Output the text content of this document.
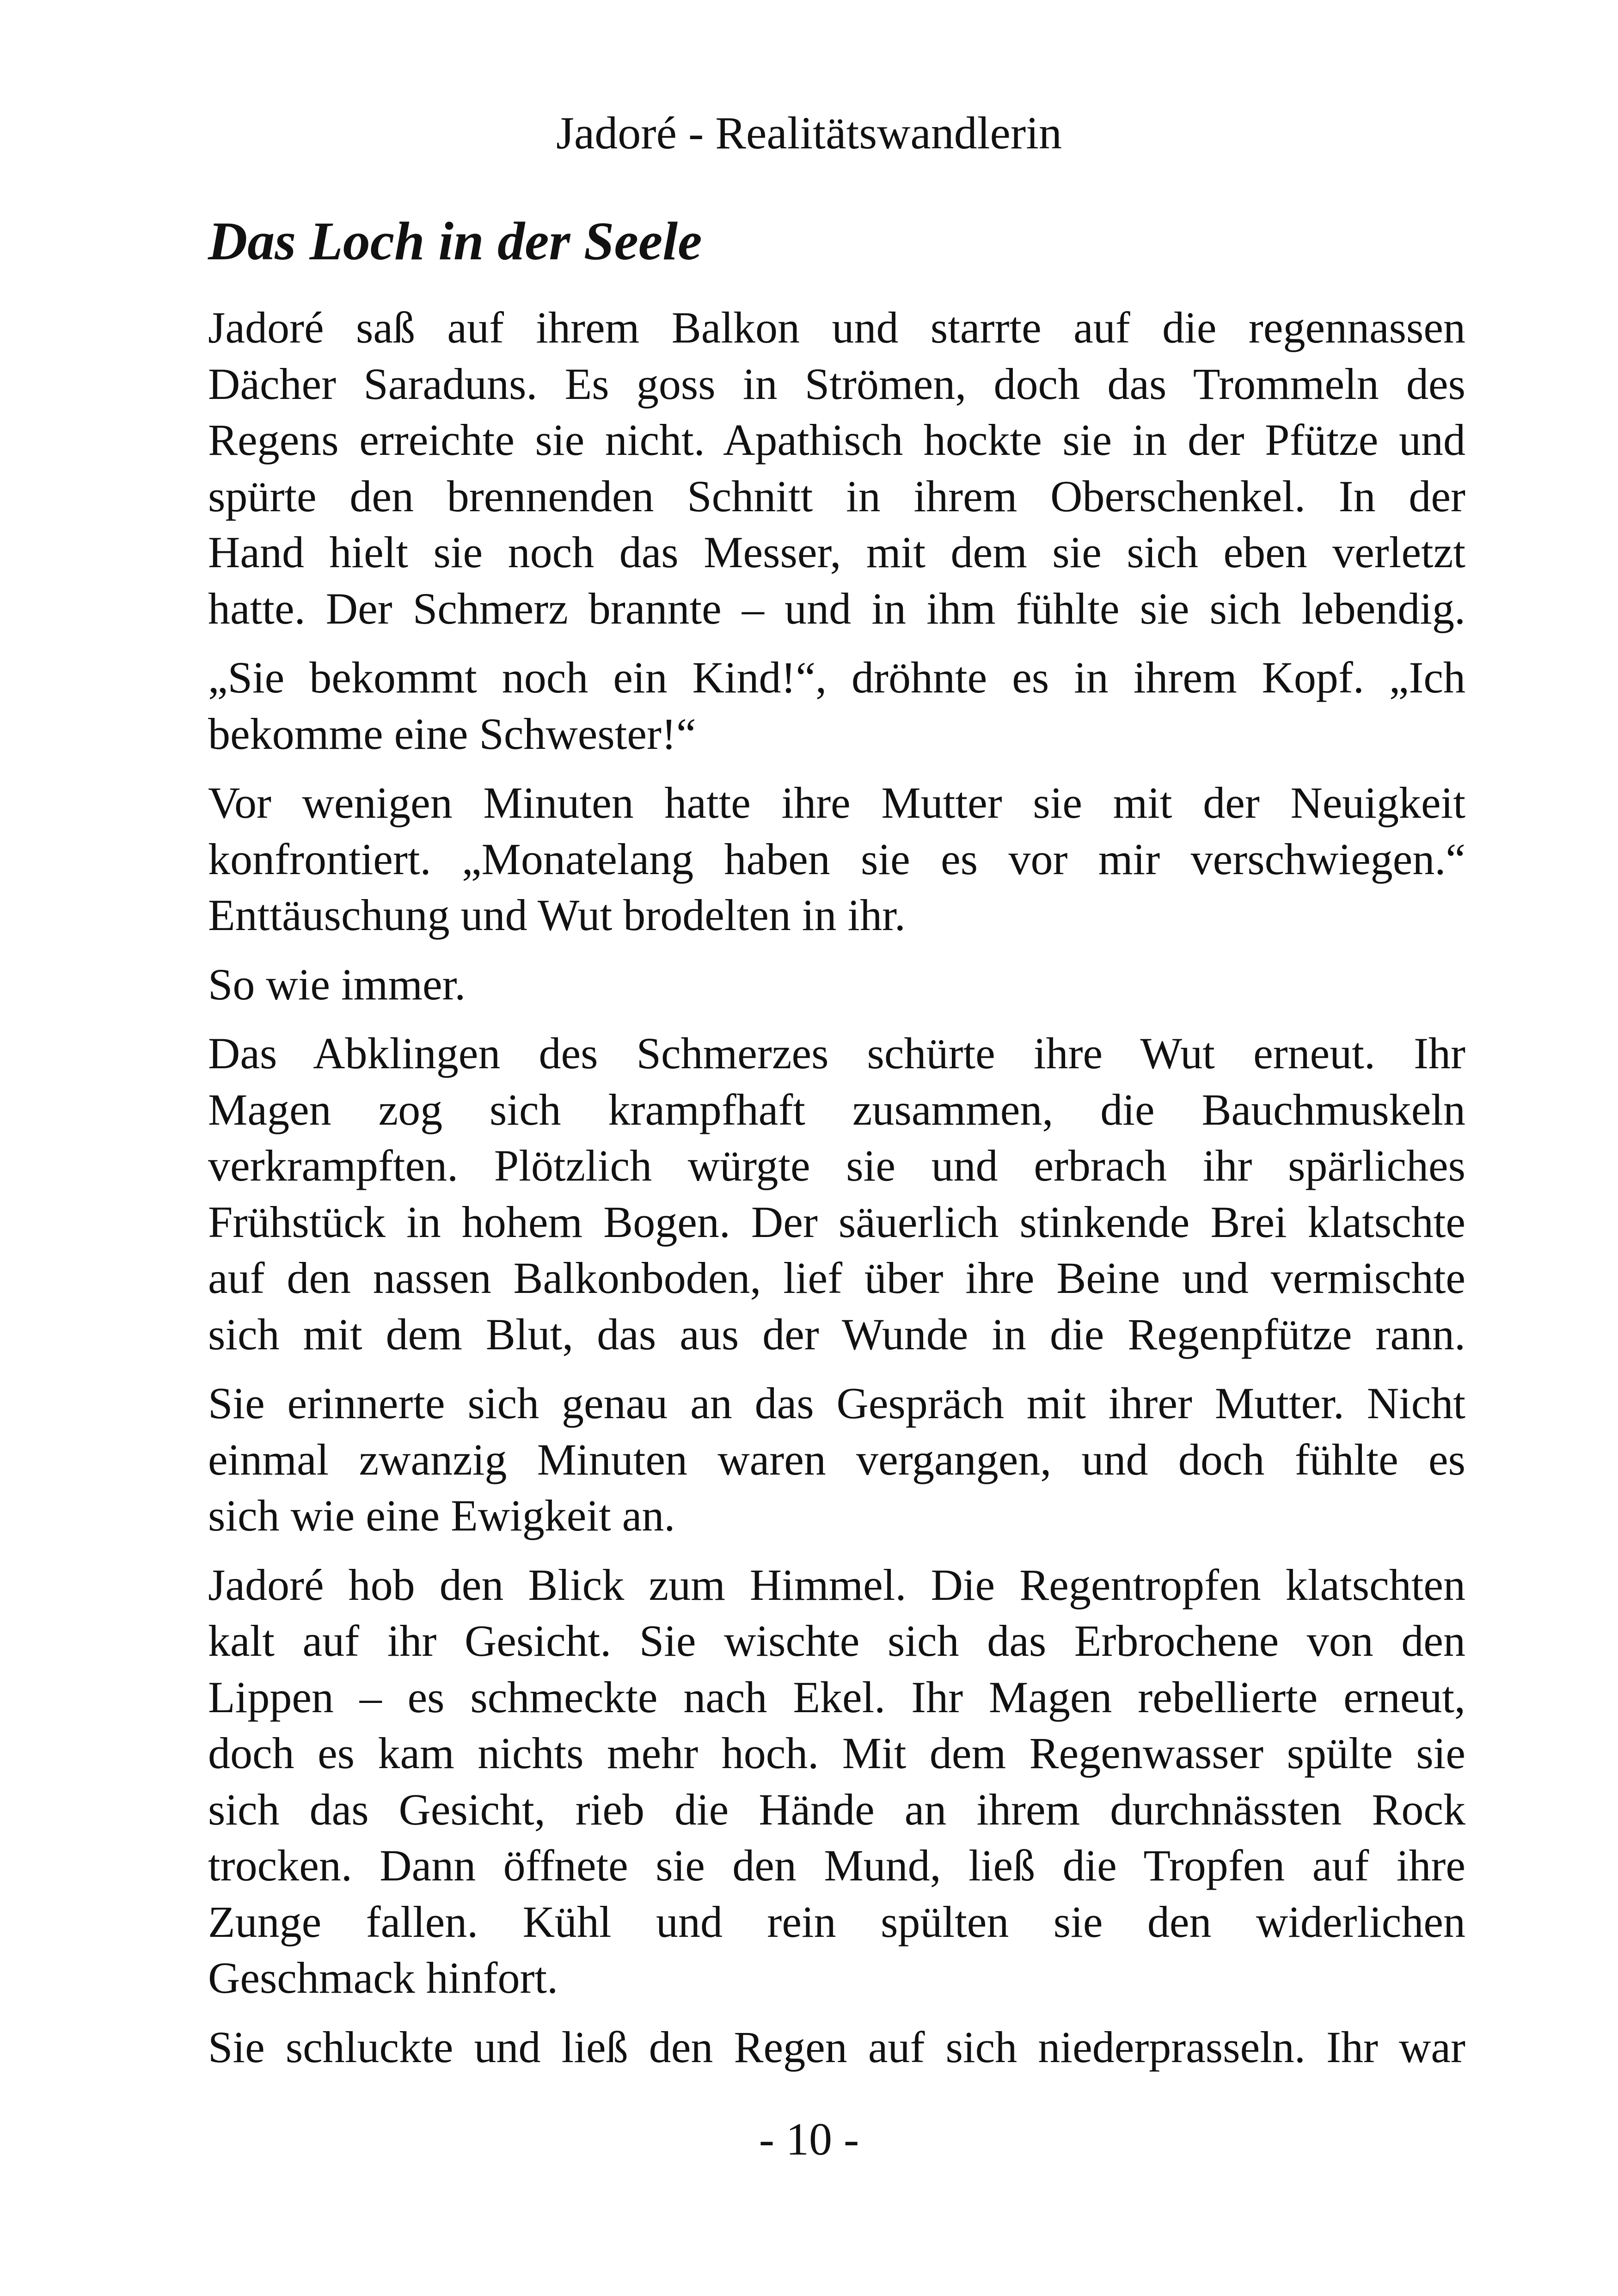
Jadoré - Realitätswandlerin
Das Loch in der Seele

Jadoré saß auf ihrem Balkon und starrte auf die regennassen
Dächer Saraduns. Es goss in Strömen, doch das Trommeln des
Regens erreichte sie nicht. Apathisch hockte sie in der Pfütze und
spürte den brennenden Schnitt in ihrem Oberschenkel. In der
Hand hielt sie noch das Messer, mit dem sie sich eben verletzt
hatte. Der Schmerz brannte – und in ihm fühlte sie sich lebendig.

„Sie bekommt noch ein Kind!“, dröhnte es in ihrem Kopf. „Ich
bekomme eine Schwester!“

Vor wenigen Minuten hatte ihre Mutter sie mit der Neuigkeit
konfrontiert. „Monatelang haben sie es vor mir verschwiegen.“
Enttäuschung und Wut brodelten in ihr.

So wie immer.

Das Abklingen des Schmerzes schürte ihre Wut erneut. Ihr
Magen zog sich krampfhaft zusammen, die Bauchmuskeln
verkrampften. Plötzlich würgte sie und erbrach ihr spärliches
Frühstück in hohem Bogen. Der säuerlich stinkende Brei klatschte
auf den nassen Balkonboden, lief über ihre Beine und vermischte
sich mit dem Blut, das aus der Wunde in die Regenpfütze rann.

Sie erinnerte sich genau an das Gespräch mit ihrer Mutter. Nicht
einmal zwanzig Minuten waren vergangen, und doch fühlte es
sich wie eine Ewigkeit an.

Jadoré hob den Blick zum Himmel. Die Regentropfen klatschten
kalt auf ihr Gesicht. Sie wischte sich das Erbrochene von den
Lippen – es schmeckte nach Ekel. Ihr Magen rebellierte erneut,
doch es kam nichts mehr hoch. Mit dem Regenwasser spülte sie
sich das Gesicht, rieb die Hände an ihrem durchnässten Rock
trocken. Dann öffnete sie den Mund, ließ die Tropfen auf ihre
Zunge fallen. Kühl und rein spülten sie den widerlichen
Geschmack hinfort.

Sie schluckte und ließ den Regen auf sich niederprasseln. Ihr war

- 10 -
